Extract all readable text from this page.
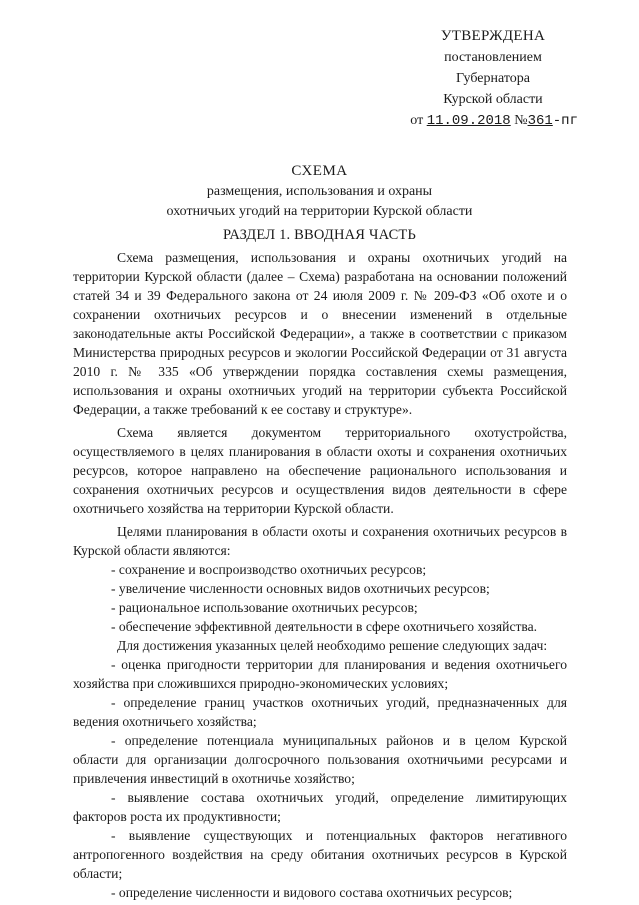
УТВЕРЖДЕНА
постановлением
Губернатора
Курской области
от 11.09.2018 №361-пг
СХЕМА
размещения, использования и охраны
охотничьих угодий на территории Курской области
РАЗДЕЛ 1. ВВОДНАЯ ЧАСТЬ

Схема размещения, использования и охраны охотничьих угодий на территории Курской области (далее – Схема) разработана на основании положений статей 34 и 39 Федерального закона от 24 июля 2009 г. № 209-ФЗ «Об охоте и о сохранении охотничьих ресурсов и о внесении изменений в отдельные законодательные акты Российской Федерации», а также в соответствии с приказом Министерства природных ресурсов и экологии Российской Федерации от 31 августа 2010 г. № 335 «Об утверждении порядка составления схемы размещения, использования и охраны охотничьих угодий на территории субъекта Российской Федерации, а также требований к ее составу и структуре».

Схема является документом территориального охотустройства, осуществляемого в целях планирования в области охоты и сохранения охотничьих ресурсов, которое направлено на обеспечение рационального использования и сохранения охотничьих ресурсов и осуществления видов деятельности в сфере охотничьего хозяйства на территории Курской области.

Целями планирования в области охоты и сохранения охотничьих ресурсов в Курской области являются:

- сохранение и воспроизводство охотничьих ресурсов;

- увеличение численности основных видов охотничьих ресурсов;

- рациональное использование охотничьих ресурсов;

- обеспечение эффективной деятельности в сфере охотничьего хозяйства.

Для достижения указанных целей необходимо решение следующих задач:

- оценка пригодности территории для планирования и ведения охотничьего хозяйства при сложившихся природно-экономических условиях;

- определение границ участков охотничьих угодий, предназначенных для ведения охотничьего хозяйства;

- определение потенциала муниципальных районов и в целом Курской области для организации долгосрочного пользования охотничьими ресурсами и привлечения инвестиций в охотничье хозяйство;

- выявление состава охотничьих угодий, определение лимитирующих факторов роста их продуктивности;

- выявление существующих и потенциальных факторов негативного антропогенного воздействия на среду обитания охотничьих ресурсов в Курской области;

- определение численности и видового состава охотничьих ресурсов;
